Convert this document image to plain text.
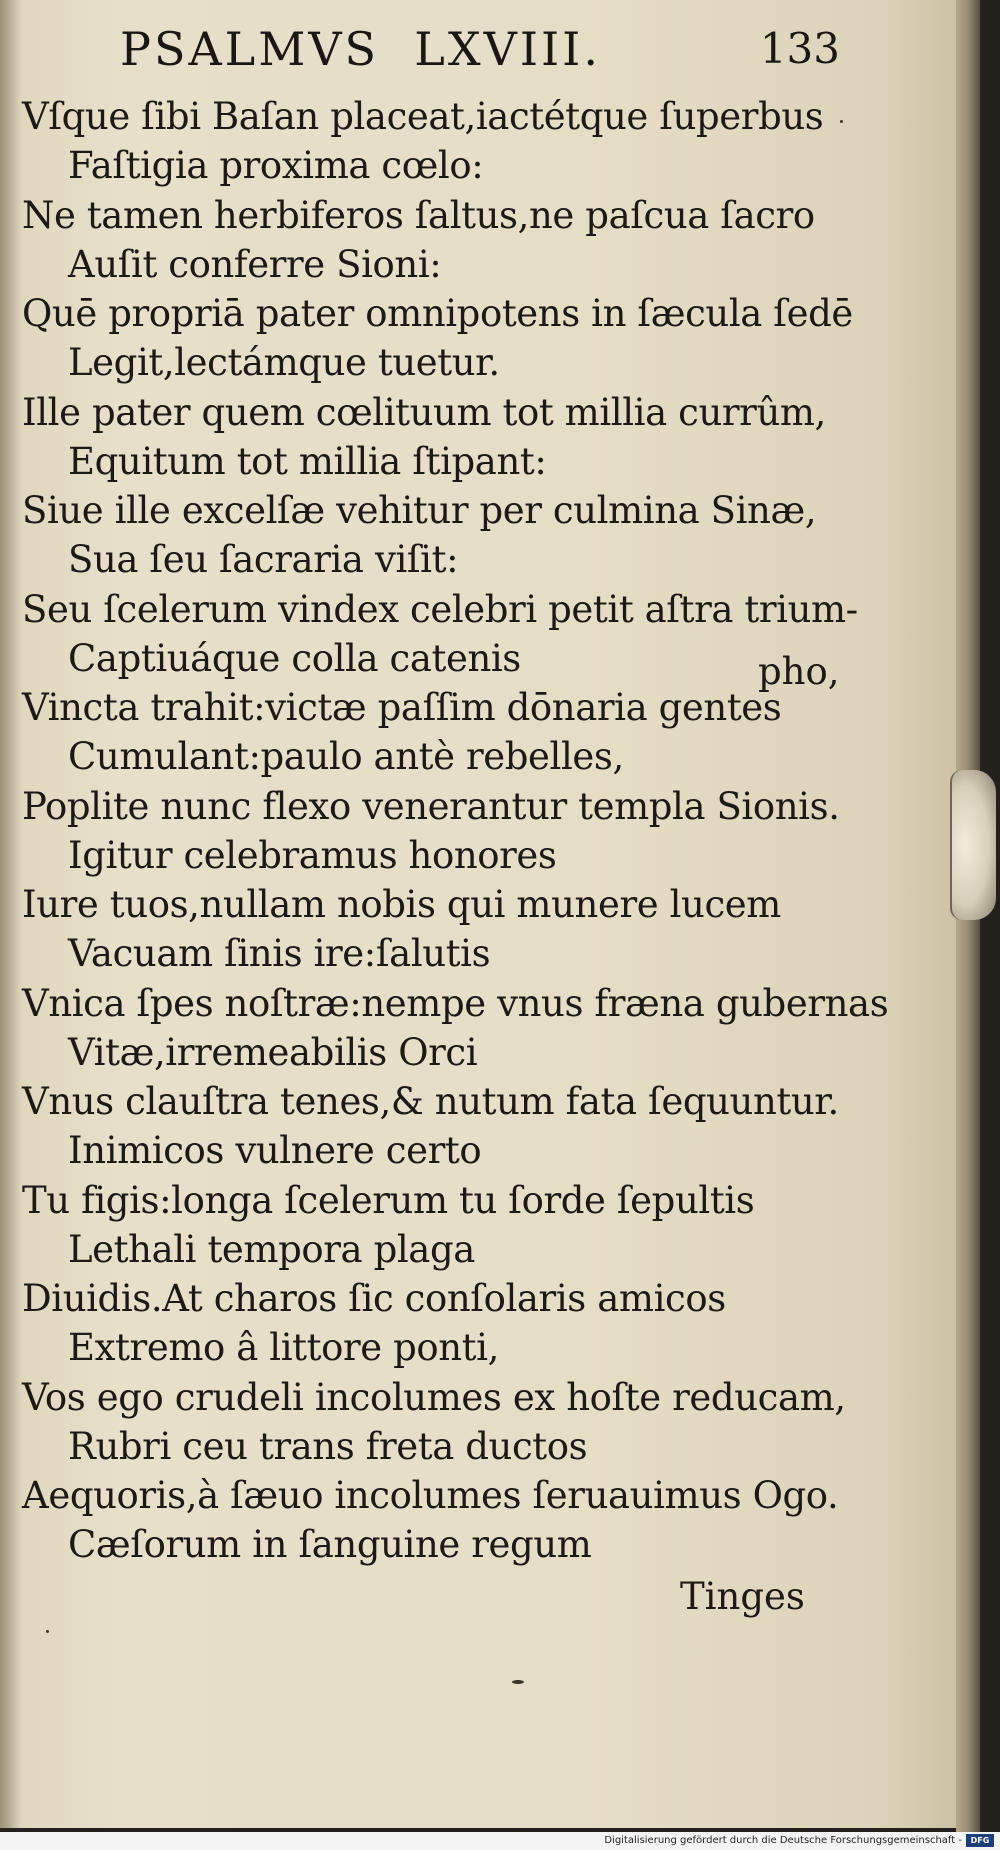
PSALMVS  LXVIII.	133
Vſque ſibi Baſan placeat,iactétque ſuperbus
Faſtigia proxima cœlo:
Ne tamen herbiferos ſaltus,ne paſcua ſacro
Auſit conferre Sioni:
Quē propriā pater omnipotens in ſæcula ſedē
Legit,lectámque tuetur.
Ille pater quem cœlituum tot millia currûm,
Equitum tot millia ſtipant:
Siue ille excelſæ vehitur per culmina Sinæ,
Sua ſeu ſacraria viſit:
Seu ſcelerum vindex celebri petit aſtra trium-
Captiuáque colla catenis
Vincta trahit:victæ paſſim dōnaria gentes
Cumulant:paulo antè rebelles,
Poplite nunc flexo venerantur templa Sionis.
Igitur celebramus honores
Iure tuos,nullam nobis qui munere lucem
Vacuam ſinis ire:ſalutis
Vnica ſpes noſtræ:nempe vnus fræna gubernas
Vitæ,irremeabilis Orci
Vnus clauſtra tenes,& nutum fata ſequuntur.
Inimicos vulnere certo
Tu figis:longa ſcelerum tu ſorde ſepultis
Lethali tempora plaga
Diuidis.At charos ſic conſolaris amicos
Extremo â littore ponti,
Vos ego crudeli incolumes ex hoſte reducam,
Rubri ceu trans freta ductos
Aequoris,à ſæuo incolumes ſeruauimus Ogo.
Cæſorum in ſanguine regum
pho,
Tinges
Digitalisierung gefördert durch die Deutsche Forschungsgemeinschaft -	DFG
